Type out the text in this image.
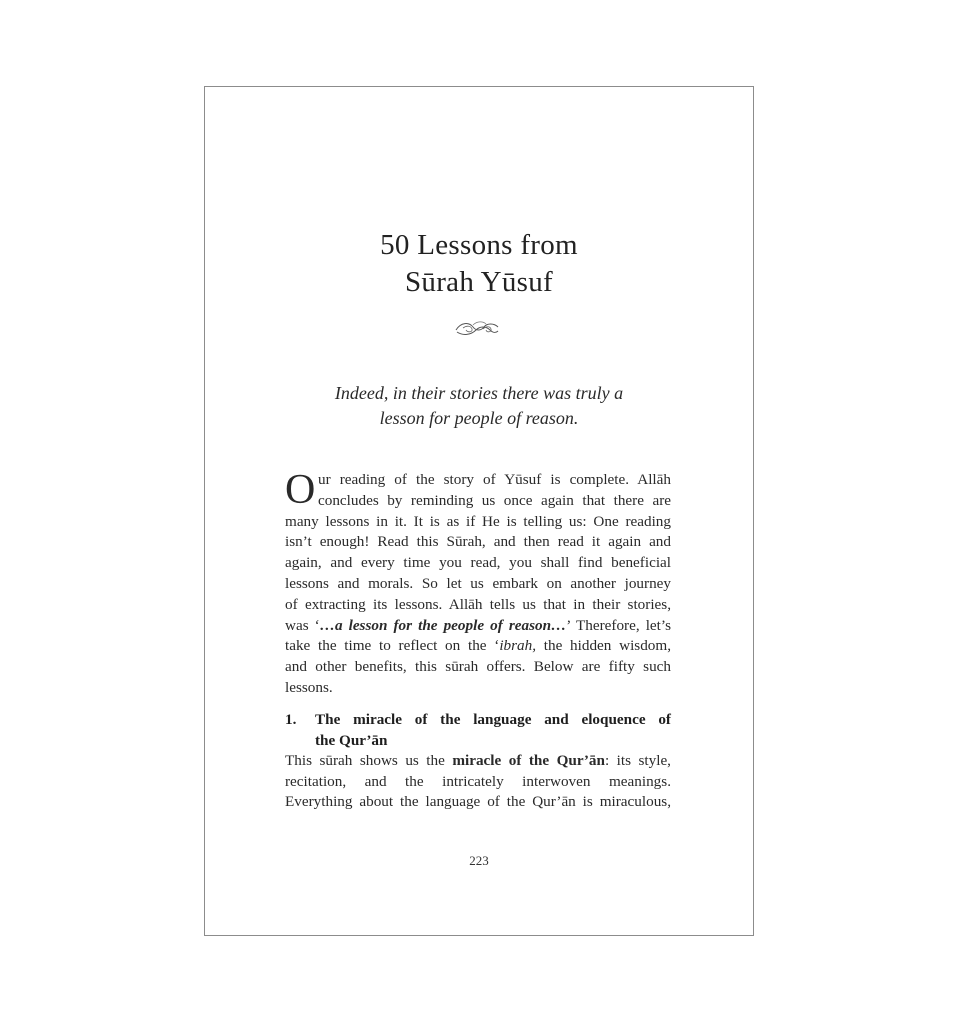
50 Lessons from
Sūrah Yūsuf
Indeed, in their stories there was truly a
lesson for people of reason.
O ur reading of the story of Yūsuf is complete. Allāh
concludes by reminding us once again that there are
many lessons in it. It is as if He is telling us: One reading
isn’t enough! Read this Sūrah, and then read it again and
again, and every time you read, you shall find beneficial
lessons and morals. So let us embark on another journey
of extracting its lessons. Allāh tells us that in their stories,
was ‘…a lesson for the people of reason…’ Therefore, let’s
take the time to reflect on the ‘ibrah, the hidden wisdom,
and other benefits, this sūrah offers. Below are fifty such
lessons.
1. The miracle of the language and eloquence of
the Qur’ān
This sūrah shows us the miracle of the Qur’ān: its style,
recitation, and the intricately interwoven meanings.
Everything about the language of the Qur’ān is miraculous,
223
